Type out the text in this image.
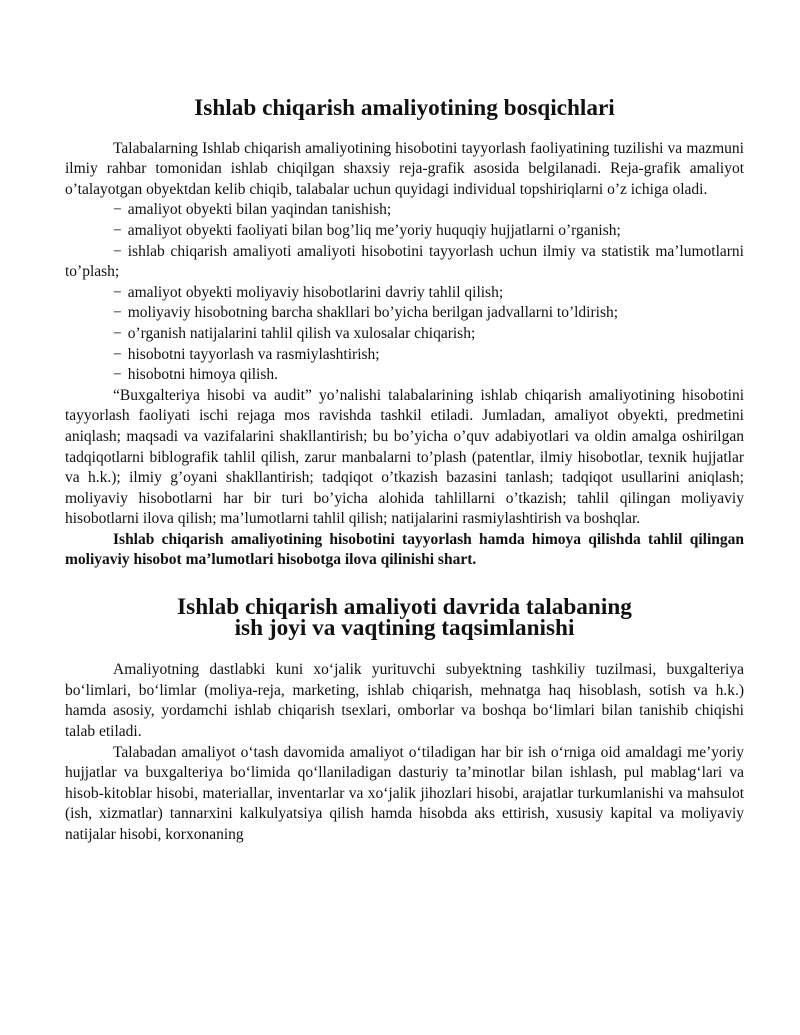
Ishlab chiqarish amaliyotining bosqichlari

Talabalarning Ishlab chiqarish amaliyotining hisobotini tayyorlash faoliyatining tuzilishi va mazmuni ilmiy rahbar tomonidan ishlab chiqilgan shaxsiy reja-grafik asosida belgilanadi. Reja-grafik amaliyot o’talayotgan obyektdan kelib chiqib, talabalar uchun quyidagi individual topshiriqlarni o’z ichiga oladi.

− amaliyot obyekti bilan yaqindan tanishish;
− amaliyot obyekti faoliyati bilan bog’liq me’yoriy huquqiy hujjatlarni o’rganish;
− ishlab chiqarish amaliyoti amaliyoti hisobotini tayyorlash uchun ilmiy va statistik ma’lumotlarni to’plash;
− amaliyot obyekti moliyaviy hisobotlarini davriy tahlil qilish;
− moliyaviy hisobotning barcha shakllari bo’yicha berilgan jadvallarni to’ldirish;
− o’rganish natijalarini tahlil qilish va xulosalar chiqarish;
− hisobotni tayyorlash va rasmiylashtirish;
− hisobotni himoya qilish.

“Buxgalteriya hisobi va audit” yo’nalishi talabalarining ishlab chiqarish amaliyotining hisobotini tayyorlash faoliyati ischi rejaga mos ravishda tashkil etiladi. Jumladan, amaliyot obyekti, predmetini aniqlash; maqsadi va vazifalarini shakllantirish; bu bo’yicha o’quv adabiyotlari va oldin amalga oshirilgan tadqiqotlarni biblografik tahlil qilish, zarur manbalarni to’plash (patentlar, ilmiy hisobotlar, texnik hujjatlar va h.k.); ilmiy g’oyani shakllantirish; tadqiqot o’tkazish bazasini tanlash; tadqiqot usullarini aniqlash; moliyaviy hisobotlarni har bir turi bo’yicha alohida tahlillarni o’tkazish; tahlil qilingan moliyaviy hisobotlarni ilova qilish; ma’lumotlarni tahlil qilish; natijalarini rasmiylashtirish va boshqlar.

Ishlab chiqarish amaliyotining hisobotini tayyorlash hamda himoya qilishda tahlil qilingan moliyaviy hisobot ma’lumotlari hisobotga ilova qilinishi shart.

Ishlab chiqarish amaliyoti davrida talabaning
ish joyi va vaqtining taqsimlanishi

Amaliyotning dastlabki kuni xo‘jalik yurituvchi subyektning tashkiliy tuzilmasi, buxgalteriya bo‘limlari, bo‘limlar (moliya-reja, marketing, ishlab chiqarish, mehnatga haq hisoblash, sotish va h.k.) hamda asosiy, yordamchi ishlab chiqarish tsexlari, omborlar va boshqa bo‘limlari bilan tanishib chiqishi talab etiladi.

Talabadan amaliyot o‘tash davomida amaliyot o‘tiladigan har bir ish o‘rniga oid amaldagi me’yoriy hujjatlar va buxgalteriya bo‘limida qo‘llaniladigan dasturiy ta’minotlar bilan ishlash, pul mablag‘lari va hisob-kitoblar hisobi, materiallar, inventarlar va xo‘jalik jihozlari hisobi, arajatlar turkumlanishi va mahsulot (ish, xizmatlar) tannarxini kalkulyatsiya qilish hamda hisobda aks ettirish, xususiy kapital va moliyaviy natijalar hisobi, korxonaning
